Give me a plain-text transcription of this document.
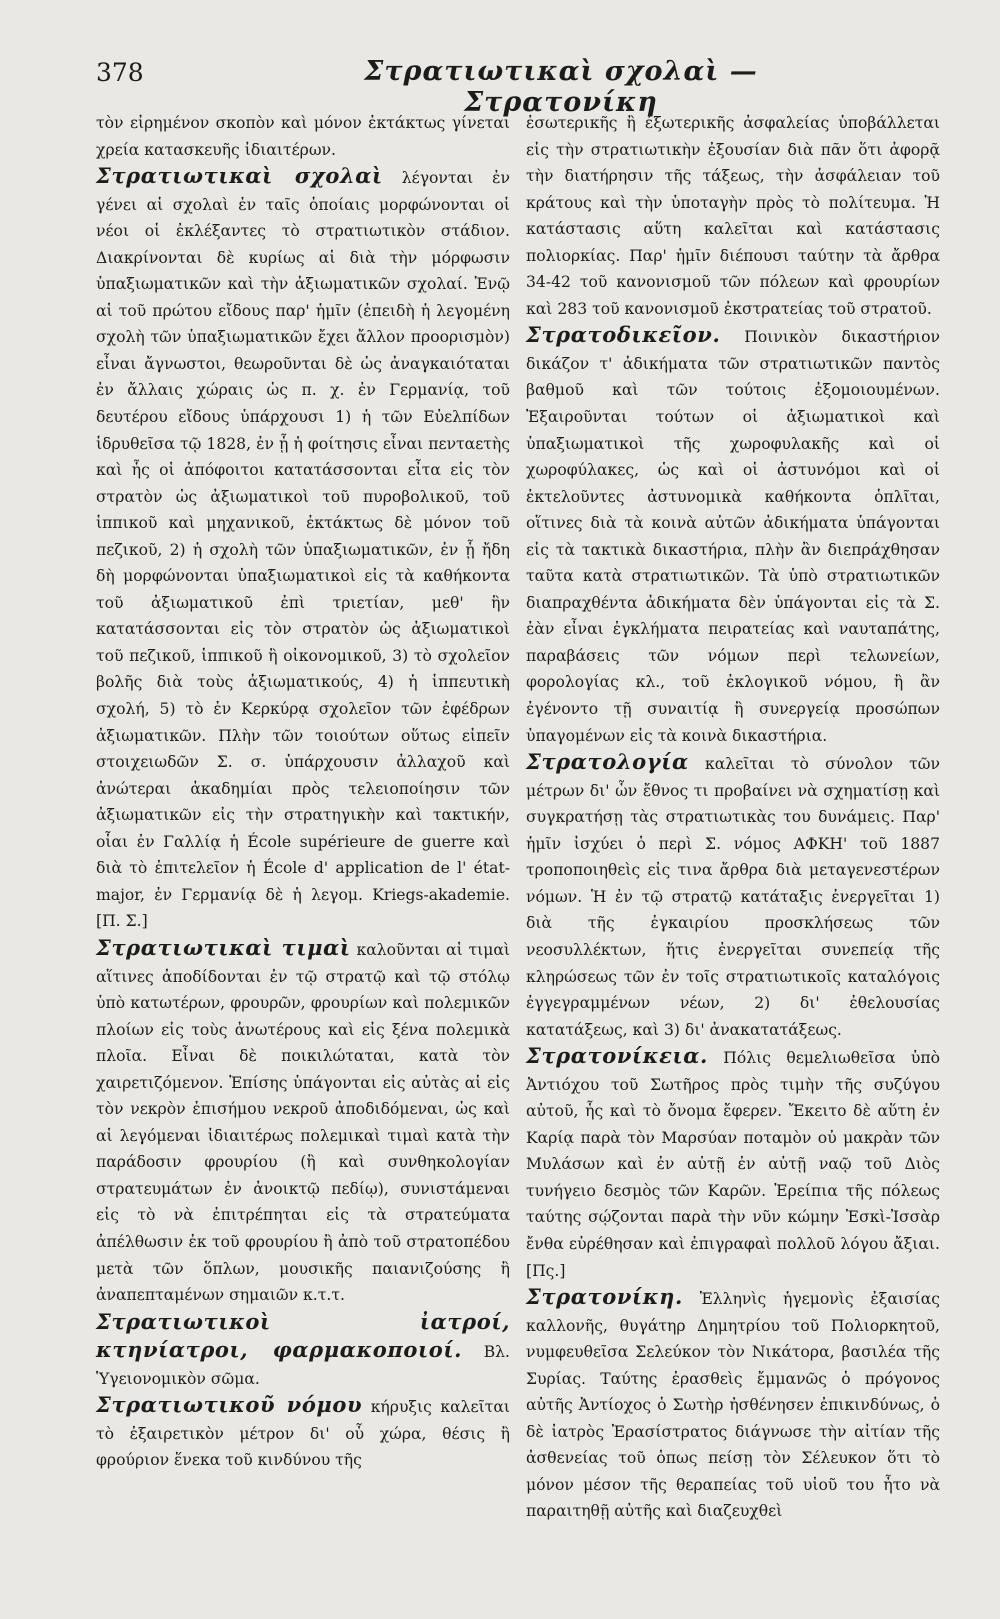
378	Στρατιωτικαὶ σχολαὶ — Στρατονίκη

τὸν εἰρημένον σκοπὸν καὶ μόνον ἐκτάκτως γίνεται χρεία κατασκευῆς ἰδιαιτέρων.

Στρατιωτικαὶ σχολαὶ λέγονται ἐν γένει αἱ σχολαὶ ἐν ταῖς ὁποίαις μορφώνονται οἱ νέοι οἱ ἐκλέξαντες τὸ στρατιωτικὸν στάδιον. Διακρίνονται δὲ κυρίως αἱ διὰ τὴν μόρφωσιν ὑπαξιωματικῶν καὶ τὴν ἀξιωματικῶν σχολαί. Ἐνῷ αἱ τοῦ πρώτου εἴδους παρ' ἡμῖν (ἐπειδὴ ἡ λεγομένη σχολὴ τῶν ὑπαξιωματικῶν ἔχει ἄλλον προορισμὸν) εἶναι ἄγνωστοι, θεωροῦνται δὲ ὡς ἀναγκαιόταται ἐν ἄλλαις χώραις ὡς π. χ. ἐν Γερμανίᾳ, τοῦ δευτέρου εἴδους ὑπάρχουσι 1) ἡ τῶν Εὐελπίδων ἱδρυθεῖσα τῷ 1828, ἐν ᾗ ἡ φοίτησις εἶναι πενταετὴς καὶ ἧς οἱ ἀπόφοιτοι κατατάσσονται εἶτα εἰς τὸν στρατὸν ὡς ἀξιωματικοὶ τοῦ πυροβολικοῦ, τοῦ ἱππικοῦ καὶ μηχανικοῦ, ἐκτάκτως δὲ μόνον τοῦ πεζικοῦ, 2) ἡ σχολὴ τῶν ὑπαξιωματικῶν, ἐν ᾗ ἤδη δὴ μορφώνονται ὑπαξιωματικοὶ εἰς τὰ καθήκοντα τοῦ ἀξιωματικοῦ ἐπὶ τριετίαν, μεθ' ἣν κατατάσσονται εἰς τὸν στρατὸν ὡς ἀξιωματικοὶ τοῦ πεζικοῦ, ἱππικοῦ ἢ οἰκονομικοῦ, 3) τὸ σχολεῖον βολῆς διὰ τοὺς ἀξιωματικούς, 4) ἡ ἱππευτικὴ σχολή, 5) τὸ ἐν Κερκύρᾳ σχολεῖον τῶν ἐφέδρων ἀξιωματικῶν. Πλὴν τῶν τοιούτων οὕτως εἰπεῖν στοιχειωδῶν Σ. σ. ὑπάρχουσιν ἀλλαχοῦ καὶ ἀνώτεραι ἀκαδημίαι πρὸς τελειοποίησιν τῶν ἀξιωματικῶν εἰς τὴν στρατηγικὴν καὶ τακτικήν, οἷαι ἐν Γαλλίᾳ ἡ École supérieure de guerre καὶ διὰ τὸ ἐπιτελεῖον ἡ École d' application de l' état-major, ἐν Γερμανίᾳ δὲ ἡ λεγομ. Kriegs-akademie. [Π. Σ.]

Στρατιωτικαὶ τιμαὶ καλοῦνται αἱ τιμαὶ αἵτινες ἀποδίδονται ἐν τῷ στρατῷ καὶ τῷ στόλῳ ὑπὸ κατωτέρων, φρουρῶν, φρουρίων καὶ πολεμικῶν πλοίων εἰς τοὺς ἀνωτέρους καὶ εἰς ξένα πολεμικὰ πλοῖα. Εἶναι δὲ ποικιλώταται, κατὰ τὸν χαιρετιζόμενον. Ἐπίσης ὑπάγονται εἰς αὐτὰς αἱ εἰς τὸν νεκρὸν ἐπισήμου νεκροῦ ἀποδιδόμεναι, ὡς καὶ αἱ λεγόμεναι ἰδιαιτέρως πολεμικαὶ τιμαὶ κατὰ τὴν παράδοσιν φρουρίου (ἢ καὶ συνθηκολογίαν στρατευμάτων ἐν ἀνοικτῷ πεδίῳ), συνιστάμεναι εἰς τὸ νὰ ἐπιτρέπηται εἰς τὰ στρατεύματα ἀπέλθωσιν ἐκ τοῦ φρουρίου ἢ ἀπὸ τοῦ στρατοπέδου μετὰ τῶν ὅπλων, μουσικῆς παιανιζούσης ἢ ἀναπεπταμένων σημαιῶν κ.τ.τ.

Στρατιωτικοὶ ἰατροί, κτηνίατροι, φαρμακοποιοί. Βλ. Ὑγειονομικὸν σῶμα.

Στρατιωτικοῦ νόμου κήρυξις καλεῖται τὸ ἐξαιρετικὸν μέτρον δι' οὗ χώρα, θέσις ἢ φρούριον ἕνεκα τοῦ κινδύνου τῆς

ἐσωτερικῆς ἢ ἐξωτερικῆς ἀσφαλείας ὑποβάλλεται εἰς τὴν στρατιωτικὴν ἐξουσίαν διὰ πᾶν ὅτι ἀφορᾷ τὴν διατήρησιν τῆς τάξεως, τὴν ἀσφάλειαν τοῦ κράτους καὶ τὴν ὑποταγὴν πρὸς τὸ πολίτευμα. Ἡ κατάστασις αὕτη καλεῖται καὶ κατάστασις πολιορκίας. Παρ' ἡμῖν διέπουσι ταύτην τὰ ἄρθρα 34-42 τοῦ κανονισμοῦ τῶν πόλεων καὶ φρουρίων καὶ 283 τοῦ κανονισμοῦ ἐκστρατείας τοῦ στρατοῦ.

Στρατοδικεῖον. Ποινικὸν δικαστήριον δικάζον τ' ἀδικήματα τῶν στρατιωτικῶν παντὸς βαθμοῦ καὶ τῶν τούτοις ἐξομοιουμένων. Ἐξαιροῦνται τούτων οἱ ἀξιωματικοὶ καὶ ὑπαξιωματικοὶ τῆς χωροφυλακῆς καὶ οἱ χωροφύλακες, ὡς καὶ οἱ ἀστυνόμοι καὶ οἱ ἐκτελοῦντες ἀστυνομικὰ καθήκοντα ὁπλῖται, οἵτινες διὰ τὰ κοινὰ αὐτῶν ἀδικήματα ὑπάγονται εἰς τὰ τακτικὰ δικαστήρια, πλὴν ἂν διεπράχθησαν ταῦτα κατὰ στρατιωτικῶν. Τὰ ὑπὸ στρατιωτικῶν διαπραχθέντα ἀδικήματα δὲν ὑπάγονται εἰς τὰ Σ. ἐὰν εἶναι ἐγκλήματα πειρατείας καὶ ναυταπάτης, παραβάσεις τῶν νόμων περὶ τελωνείων, φορολογίας κλ., τοῦ ἐκλογικοῦ νόμου, ἢ ἂν ἐγένοντο τῇ συναιτίᾳ ἢ συνεργείᾳ προσώπων ὑπαγομένων εἰς τὰ κοινὰ δικαστήρια.

Στρατολογία καλεῖται τὸ σύνολον τῶν μέτρων δι' ὧν ἔθνος τι προβαίνει νὰ σχηματίσῃ καὶ συγκρατήσῃ τὰς στρατιωτικὰς του δυνάμεις. Παρ' ἡμῖν ἰσχύει ὁ περὶ Σ. νόμος ΑΦΚΗ' τοῦ 1887 τροποποιηθεὶς εἰς τινα ἄρθρα διὰ μεταγενεστέρων νόμων. Ἡ ἐν τῷ στρατῷ κατάταξις ἐνεργεῖται 1) διὰ τῆς ἐγκαιρίου προσκλήσεως τῶν νεοσυλλέκτων, ἥτις ἐνεργεῖται συνεπείᾳ τῆς κληρώσεως τῶν ἐν τοῖς στρατιωτικοῖς καταλόγοις ἐγγεγραμμένων νέων, 2) δι' ἐθελουσίας κατατάξεως, καὶ 3) δι' ἀνακατατάξεως.

Στρατονίκεια. Πόλις θεμελιωθεῖσα ὑπὸ Ἀντιόχου τοῦ Σωτῆρος πρὸς τιμὴν τῆς συζύγου αὐτοῦ, ἧς καὶ τὸ ὄνομα ἔφερεν. Ἔκειτο δὲ αὕτη ἐν Καρίᾳ παρὰ τὸν Μαρσύαν ποταμὸν οὐ μακρὰν τῶν Μυλάσων καὶ ἐν αὐτῇ ἐν αὐτῇ ναῷ τοῦ Διὸς τυνήγειο δεσμὸς τῶν Καρῶν. Ἐρείπια τῆς πόλεως ταύτης σῴζονται παρὰ τὴν νῦν κώμην Ἐσκὶ-Ἰσσὰρ ἔνθα εὑρέθησαν καὶ ἐπιγραφαὶ πολλοῦ λόγου ἄξιαι. [Πς.]

Στρατονίκη. Ἑλληνὶς ἡγεμονὶς ἐξαισίας καλλονῆς, θυγάτηρ Δημητρίου τοῦ Πολιορκητοῦ, νυμφευθεῖσα Σελεύκον τὸν Νικάτορα, βασιλέα τῆς Συρίας. Ταύτης ἐρασθεὶς ἔμμανῶς ὁ πρόγονος αὐτῆς Ἀντίοχος ὁ Σωτὴρ ἠσθένησεν ἐπικινδύνως, ὁ δὲ ἰατρὸς Ἐρασίστρατος διάγνωσε τὴν αἰτίαν τῆς ἀσθενείας τοῦ ὁπως πείσῃ τὸν Σέλευκον ὅτι τὸ μόνον μέσον τῆς θεραπείας τοῦ υἱοῦ του ἦτο νὰ παραιτηθῇ αὐτῆς καὶ διαζευχθεὶ
